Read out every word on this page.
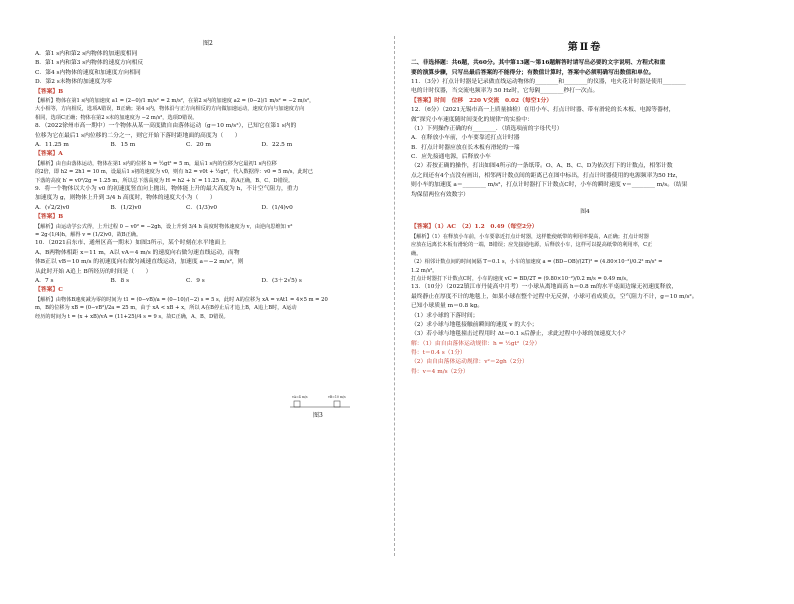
图2

A．第1 s内和第2 s内物体的加速度相同

B．第1 s内和第3 s内物体的速度方向相反

C．第4 s内物体的速度和加速度方向相同

D．第2 s末物体的加速度为零

【答案】B

【解析】物体在第1 s内的加速度 a1 = (2−0)/1 m/s² = 2 m/s²，在第2 s内的加速度 a2 = (0−2)/1 m/s² = −2 m/s²，

大小相等，方向相反，选项A错误，B正确；第4 s内，物体沿与正方向相反的方向做加速运动，速度方向与加速度方向

相同，选项C正确；物体在第2 s末的加速度为 −2 m/s²，选项D错误。

8．（2022徐州市高一期中）一个物体从某一高度做自由落体运动（g＝10 m/s²），已知它在第1 s内的

位移为它在最后1 s内位移的二分之一，则它开始下落时距地面的高度为（　　）

A．11.25 m	B．15 m	C．20 m	D．22.5 m

【答案】A

【解析】由自由落体运动，物体在第1 s内的位移 h = ½gt² = 5 m，最后1 s内的位移为它最初1 s内位移

的2倍，即 h2 = 2h1 = 10 m，设最后1 s初的速度为 v0，则有 h2 = v0t + ½gt²，代入数据得：v0 = 5 m/s，此时已

下落的高度 h′ = v0²/2g = 1.25 m，所以总下落高度为 H = h2 + h′ = 11.25 m，故A正确，B、C、D错误。

9．将一个物体以大小为 v0 的初速度竖直向上抛出，物体能上升的最大高度为 h，不计空气阻力，重力

加速度为 g，则物体上升到 3/4 h 高度时，物体的速度大小为（　　）

A．(√2/2)v0	B．(1/2)v0	C．(1/3)v0	D．(1/4)v0

【答案】B

【解析】由运动学公式得，上升过程 0 − v0² = −2gh，设上升到 3/4 h 高度时物体速度为 v，由逆向思维知 v²

= 2g·(1/4)h，解得 v = (1/2)v0，故B正确。

10．（2021启东市、通州区高一期末）如图3所示，某个时刻在水平地面上

A、B两物体相距 x＝11 m，A以 vA＝4 m/s 的速度向右做匀速直线运动，而物

体B正以 vB＝10 m/s 的初速度向右做匀减速直线运动，加速度 a＝−2 m/s²，则

从此时开始 A追上 B所经历的时间是（　　）

A．7 s	B．8 s	C．9 s	D．(3＋2√5) s

【答案】C

【解析】由物体B速度减为零的时间为 t1 = (0−vB)/a = (0−10)/(−2) s = 5 s，此时 A的位移为 xA = vAt1 = 4×5 m = 20

m，B的位移为 xB = (0−vB²)/2a = 25 m，由于 xA < xB + x，所以 A在B停止后才追上B，A追上B时，A运动

经历的时间为 t = (x + xB)/vA = (11+25)/4 s = 9 s，故C正确，A、B、D错误。

vA=4 m/s	vB=10 m/s
图3
第Ⅱ卷

二、非选择题：共6题，共60分。其中第13题～第16题解答时请写出必要的文字说明、方程式和重

要的演算步骤，只写出最后答案的不能得分；有数值计算时，答案中必须明确写出数值和单位。

11．（3分）打点计时器是记录做直线运动物体的________和________的仪器，电火花计时器是使用________

电的计时仪器，当交流电频率为 50 Hz时，它每隔________秒打一次点。

【答案】时间　位移　220 V交流　0.02（每空1分）

12．（6分）（2021无锡市高一上质量抽检）在用小车、打点计时器、带有滑轮的长木板、电源等器材，

做“探究小车速度随时间变化的规律”的实验中：

（1）下列操作正确的有________．（填选项前的字母代号）

A．在释放小车前，小车要靠近打点计时器

B．打点计时器应放在长木板有滑轮的一端

C．应先接通电源，后释放小车

（2）若按正确的操作，打出如图4所示的一条纸带。O、A、B、C、D为依次打下的计数点，相邻计数

点之间还有4个点没有画出，相邻两计数点间的距离已在图中标出，打点计时器使用的电源频率为50 Hz，

则小车的加速度 a＝________ m/s²，打点计时器打下计数点C时，小车的瞬时速度 v＝________ m/s。（结果

均保留两位有效数字）

图4

【答案】（1）AC　（2）1.2　0.49（每空2分）

【解析】（1）在释放小车前，小车要靠近打点计时器，这样能使纸带的利用率提高，A正确；打点计时器

应放在远离长木板有滑轮的一端，B错误；应先接通电源，后释放小车，这样可以提高纸带的利用率，C正

确。

（2）相邻计数点间的时间间隔 T＝0.1 s，小车的加速度 a = (BD−OB)/(2T)² = (4.80×10⁻²)/0.2² m/s² =

1.2 m/s²。

打点计时器打下计数点C时，小车的速度 vC = BD/2T = (9.80×10⁻²)/0.2 m/s = 0.49 m/s。

13．（10分）（2022镇江市丹徒高中月考）一小球从离地面高 h＝0.8 m的水平桌面边缘无初速度释放，

最终静止在厚度不计的地毯上，如果小球在整个过程中无反弹，小球可看成质点，空气阻力不计，g＝10 m/s²。

已知小球质量 m＝0.8 kg。

（1）求小球的下落时间；

（2）求小球与地毯接触前瞬间的速度 v 的大小；

（3）若小球与地毯撞击过程用时 Δt＝0.1 s后静止，求此过程中小球的加速度大小？

解：（1）由自由落体运动规律：h = ½gt²（2分）

得：t＝0.4 s（1分）

（2）由自由落体运动规律：v²＝2gh（2分）

得：v＝4 m/s（2分）
